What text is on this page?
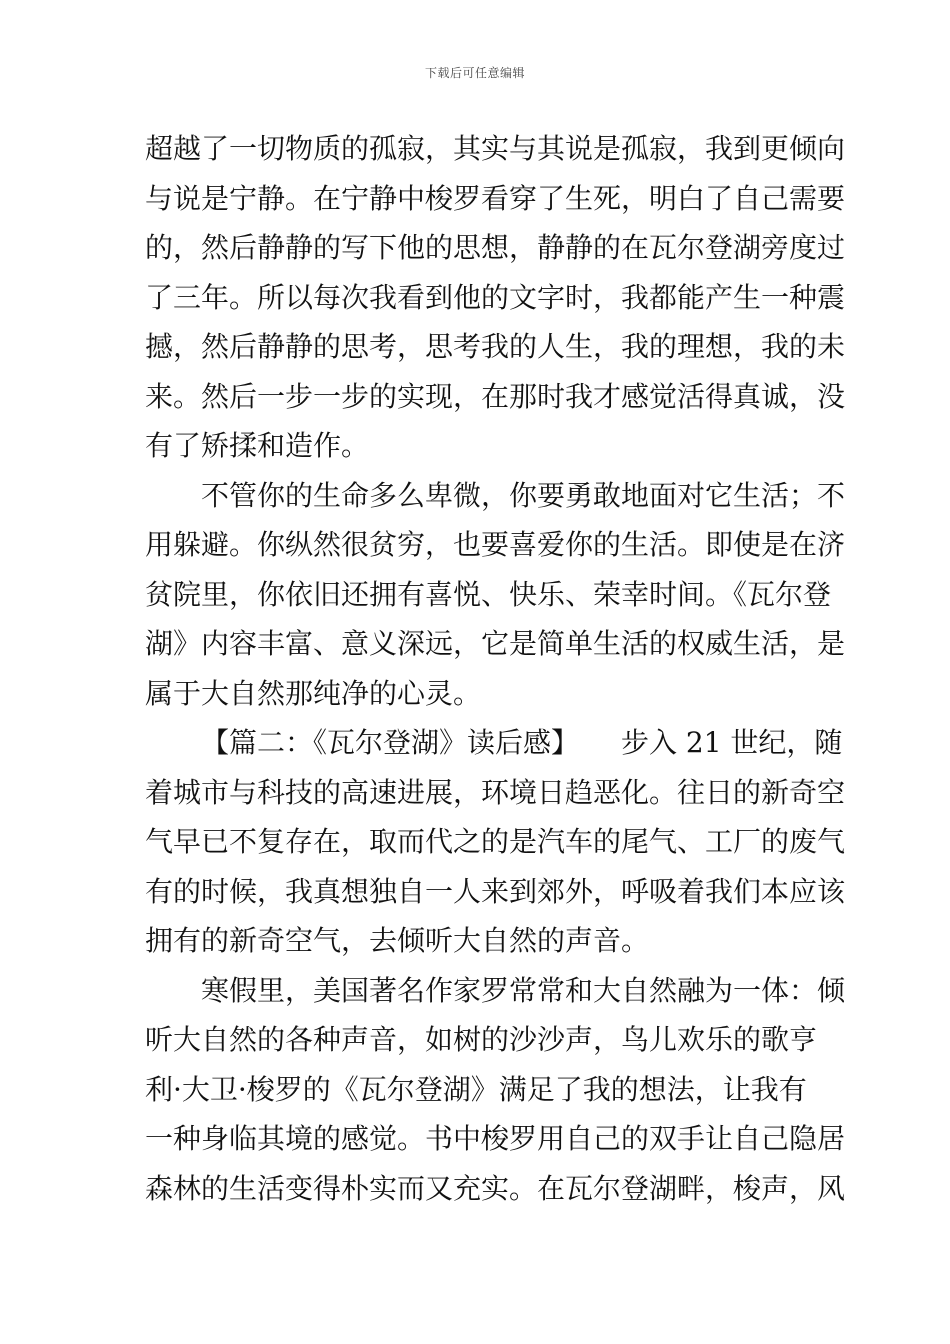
下载后可任意编辑
超越了一切物质的孤寂，其实与其说是孤寂，我到更倾向
与说是宁静。在宁静中梭罗看穿了生死，明白了自己需要
的，然后静静的写下他的思想，静静的在瓦尔登湖旁度过
了三年。所以每次我看到他的文字时，我都能产生一种震
撼，然后静静的思考，思考我的人生，我的理想，我的未
来。然后一步一步的实现，在那时我才感觉活得真诚，没
有了矫揉和造作。
不管你的生命多么卑微，你要勇敢地面对它生活；不
用躲避。你纵然很贫穷，也要喜爱你的生活。即使是在济
贫院里，你依旧还拥有喜悦、快乐、荣幸时间。《瓦尔登
湖》内容丰富、意义深远，它是简单生活的权威生活，是
属于大自然那纯净的心灵。
【篇二：《瓦尔登湖》读后感】　　步入 21 世纪，随
着城市与科技的高速进展，环境日趋恶化。往日的新奇空
气早已不复存在，取而代之的是汽车的尾气、工厂的废气
有的时候，我真想独自一人来到郊外，呼吸着我们本应该
拥有的新奇空气，去倾听大自然的声音。
寒假里，美国著名作家罗常常和大自然融为一体：倾
听大自然的各种声音，如树的沙沙声，鸟儿欢乐的歌亨
利·大卫·梭罗的《瓦尔登湖》满足了我的想法，让我有
一种身临其境的感觉。书中梭罗用自己的双手让自己隐居
森林的生活变得朴实而又充实。在瓦尔登湖畔，梭声，风
